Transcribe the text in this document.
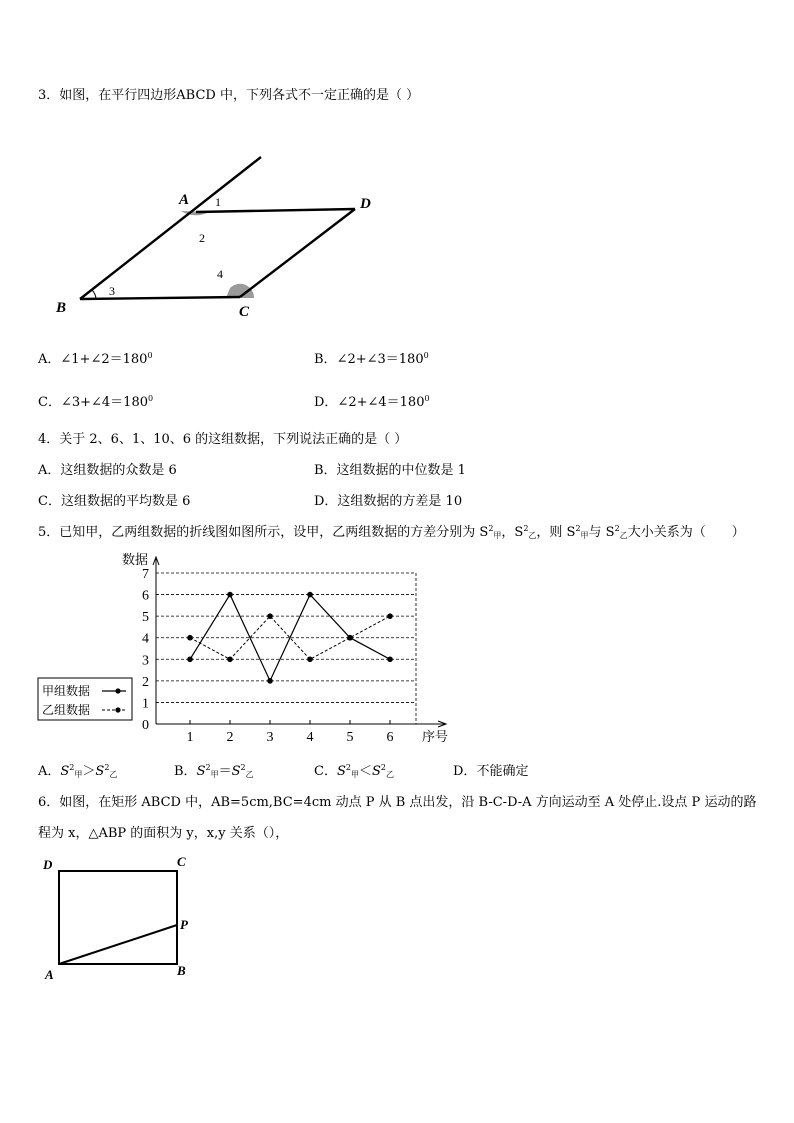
3．如图，在平行四边形ABCD 中，下列各式不一定正确的是（ ）
A	D
B	C
1
2
3
4
A．$\angle 1+\angle 2=180^0$	B．$\angle 2+\angle 3=180^0$
C．$\angle 3+\angle 4=180^0$	D．$\angle 2+\angle 4=180^0$
4．关于 2、6、1、10、6 的这组数据，下列说法正确的是（ ）
A．这组数据的众数是 6	B．这组数据的中位数是 1
C．这组数据的平均数是 6	D．这组数据的方差是 10
5．已知甲，乙两组数据的折线图如图所示，设甲，乙两组数据的方差分别为 $S^2$甲，$S^2$乙，则 $S^2$甲与 $S^2$乙大小关系为（　　）
0
1
2
3
4
5
6
7
1 2 3 4 5 6
数据
序号
甲组数据
乙组数据
A．$S^2$甲$>S^2$乙	B．$S^2$甲$=S^2$乙	C．$S^2$甲$<S^2$乙	D．不能确定
6．如图，在矩形 ABCD 中，AB=5cm,BC=4cm 动点 P 从 B 点出发，沿 B-C-D-A 方向运动至 A 处停止.设点 P 运动的路
程为 x，△ABP 的面积为 y，x,y 关系（），
D	C
P
A	B
